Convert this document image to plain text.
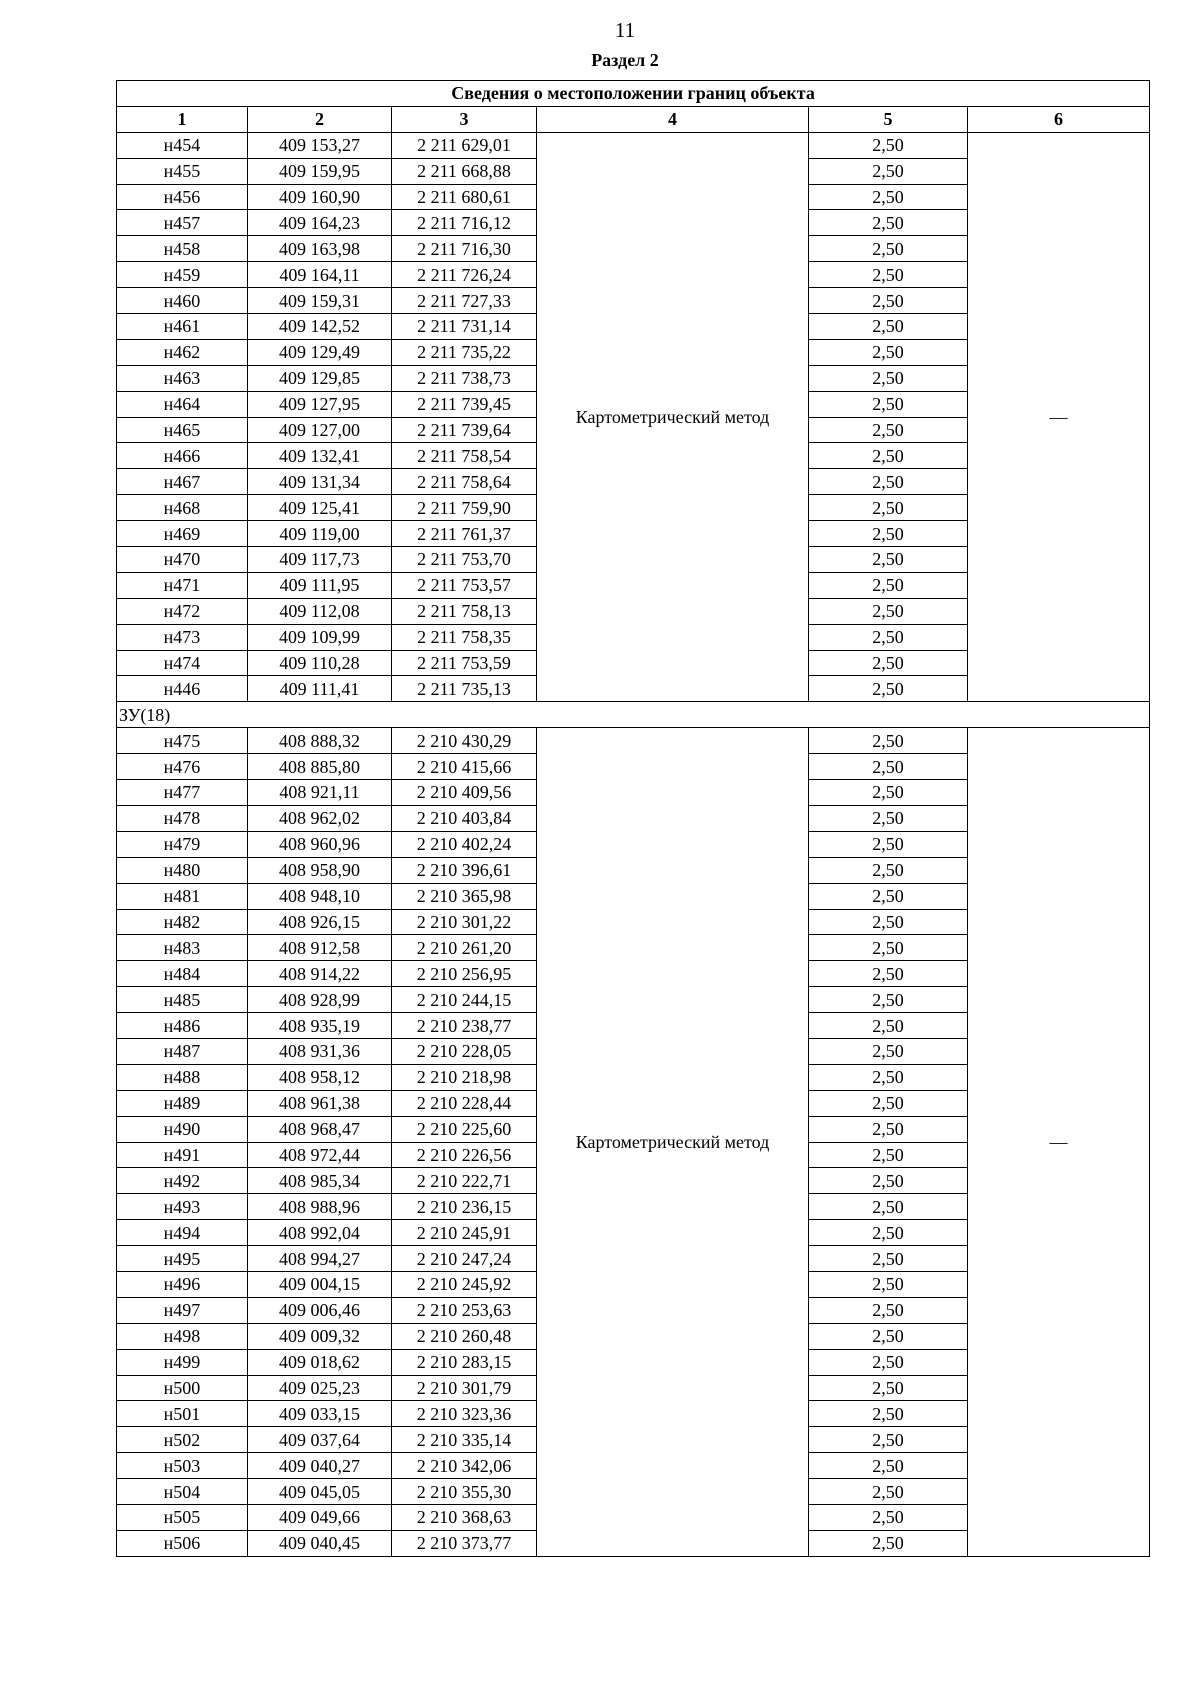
11
Раздел 2
Сведения о местоположении границ объекта					
1	2	3	4	5	6
н454	409 153,27	2 211 629,01	Картометрический метод	2,50	—
н455	409 159,95	2 211 668,88		2,50	
н456	409 160,90	2 211 680,61		2,50	
н457	409 164,23	2 211 716,12		2,50	
н458	409 163,98	2 211 716,30		2,50	
н459	409 164,11	2 211 726,24		2,50	
н460	409 159,31	2 211 727,33		2,50	
н461	409 142,52	2 211 731,14		2,50	
н462	409 129,49	2 211 735,22		2,50	
н463	409 129,85	2 211 738,73		2,50	
н464	409 127,95	2 211 739,45		2,50	
н465	409 127,00	2 211 739,64		2,50	
н466	409 132,41	2 211 758,54		2,50	
н467	409 131,34	2 211 758,64		2,50	
н468	409 125,41	2 211 759,90		2,50	
н469	409 119,00	2 211 761,37		2,50	
н470	409 117,73	2 211 753,70		2,50	
н471	409 111,95	2 211 753,57		2,50	
н472	409 112,08	2 211 758,13		2,50	
н473	409 109,99	2 211 758,35		2,50	
н474	409 110,28	2 211 753,59		2,50	
н446	409 111,41	2 211 735,13		2,50	
ЗУ(18)					
н475	408 888,32	2 210 430,29	Картометрический метод	2,50	—
н476	408 885,80	2 210 415,66		2,50	
н477	408 921,11	2 210 409,56		2,50	
н478	408 962,02	2 210 403,84		2,50	
н479	408 960,96	2 210 402,24		2,50	
н480	408 958,90	2 210 396,61		2,50	
н481	408 948,10	2 210 365,98		2,50	
н482	408 926,15	2 210 301,22		2,50	
н483	408 912,58	2 210 261,20		2,50	
н484	408 914,22	2 210 256,95		2,50	
н485	408 928,99	2 210 244,15		2,50	
н486	408 935,19	2 210 238,77		2,50	
н487	408 931,36	2 210 228,05		2,50	
н488	408 958,12	2 210 218,98		2,50	
н489	408 961,38	2 210 228,44		2,50	
н490	408 968,47	2 210 225,60		2,50	
н491	408 972,44	2 210 226,56		2,50	
н492	408 985,34	2 210 222,71		2,50	
н493	408 988,96	2 210 236,15		2,50	
н494	408 992,04	2 210 245,91		2,50	
н495	408 994,27	2 210 247,24		2,50	
н496	409 004,15	2 210 245,92		2,50	
н497	409 006,46	2 210 253,63		2,50	
н498	409 009,32	2 210 260,48		2,50	
н499	409 018,62	2 210 283,15		2,50	
н500	409 025,23	2 210 301,79		2,50	
н501	409 033,15	2 210 323,36		2,50	
н502	409 037,64	2 210 335,14		2,50	
н503	409 040,27	2 210 342,06		2,50	
н504	409 045,05	2 210 355,30		2,50	
н505	409 049,66	2 210 368,63		2,50	
н506	409 040,45	2 210 373,77		2,50	
